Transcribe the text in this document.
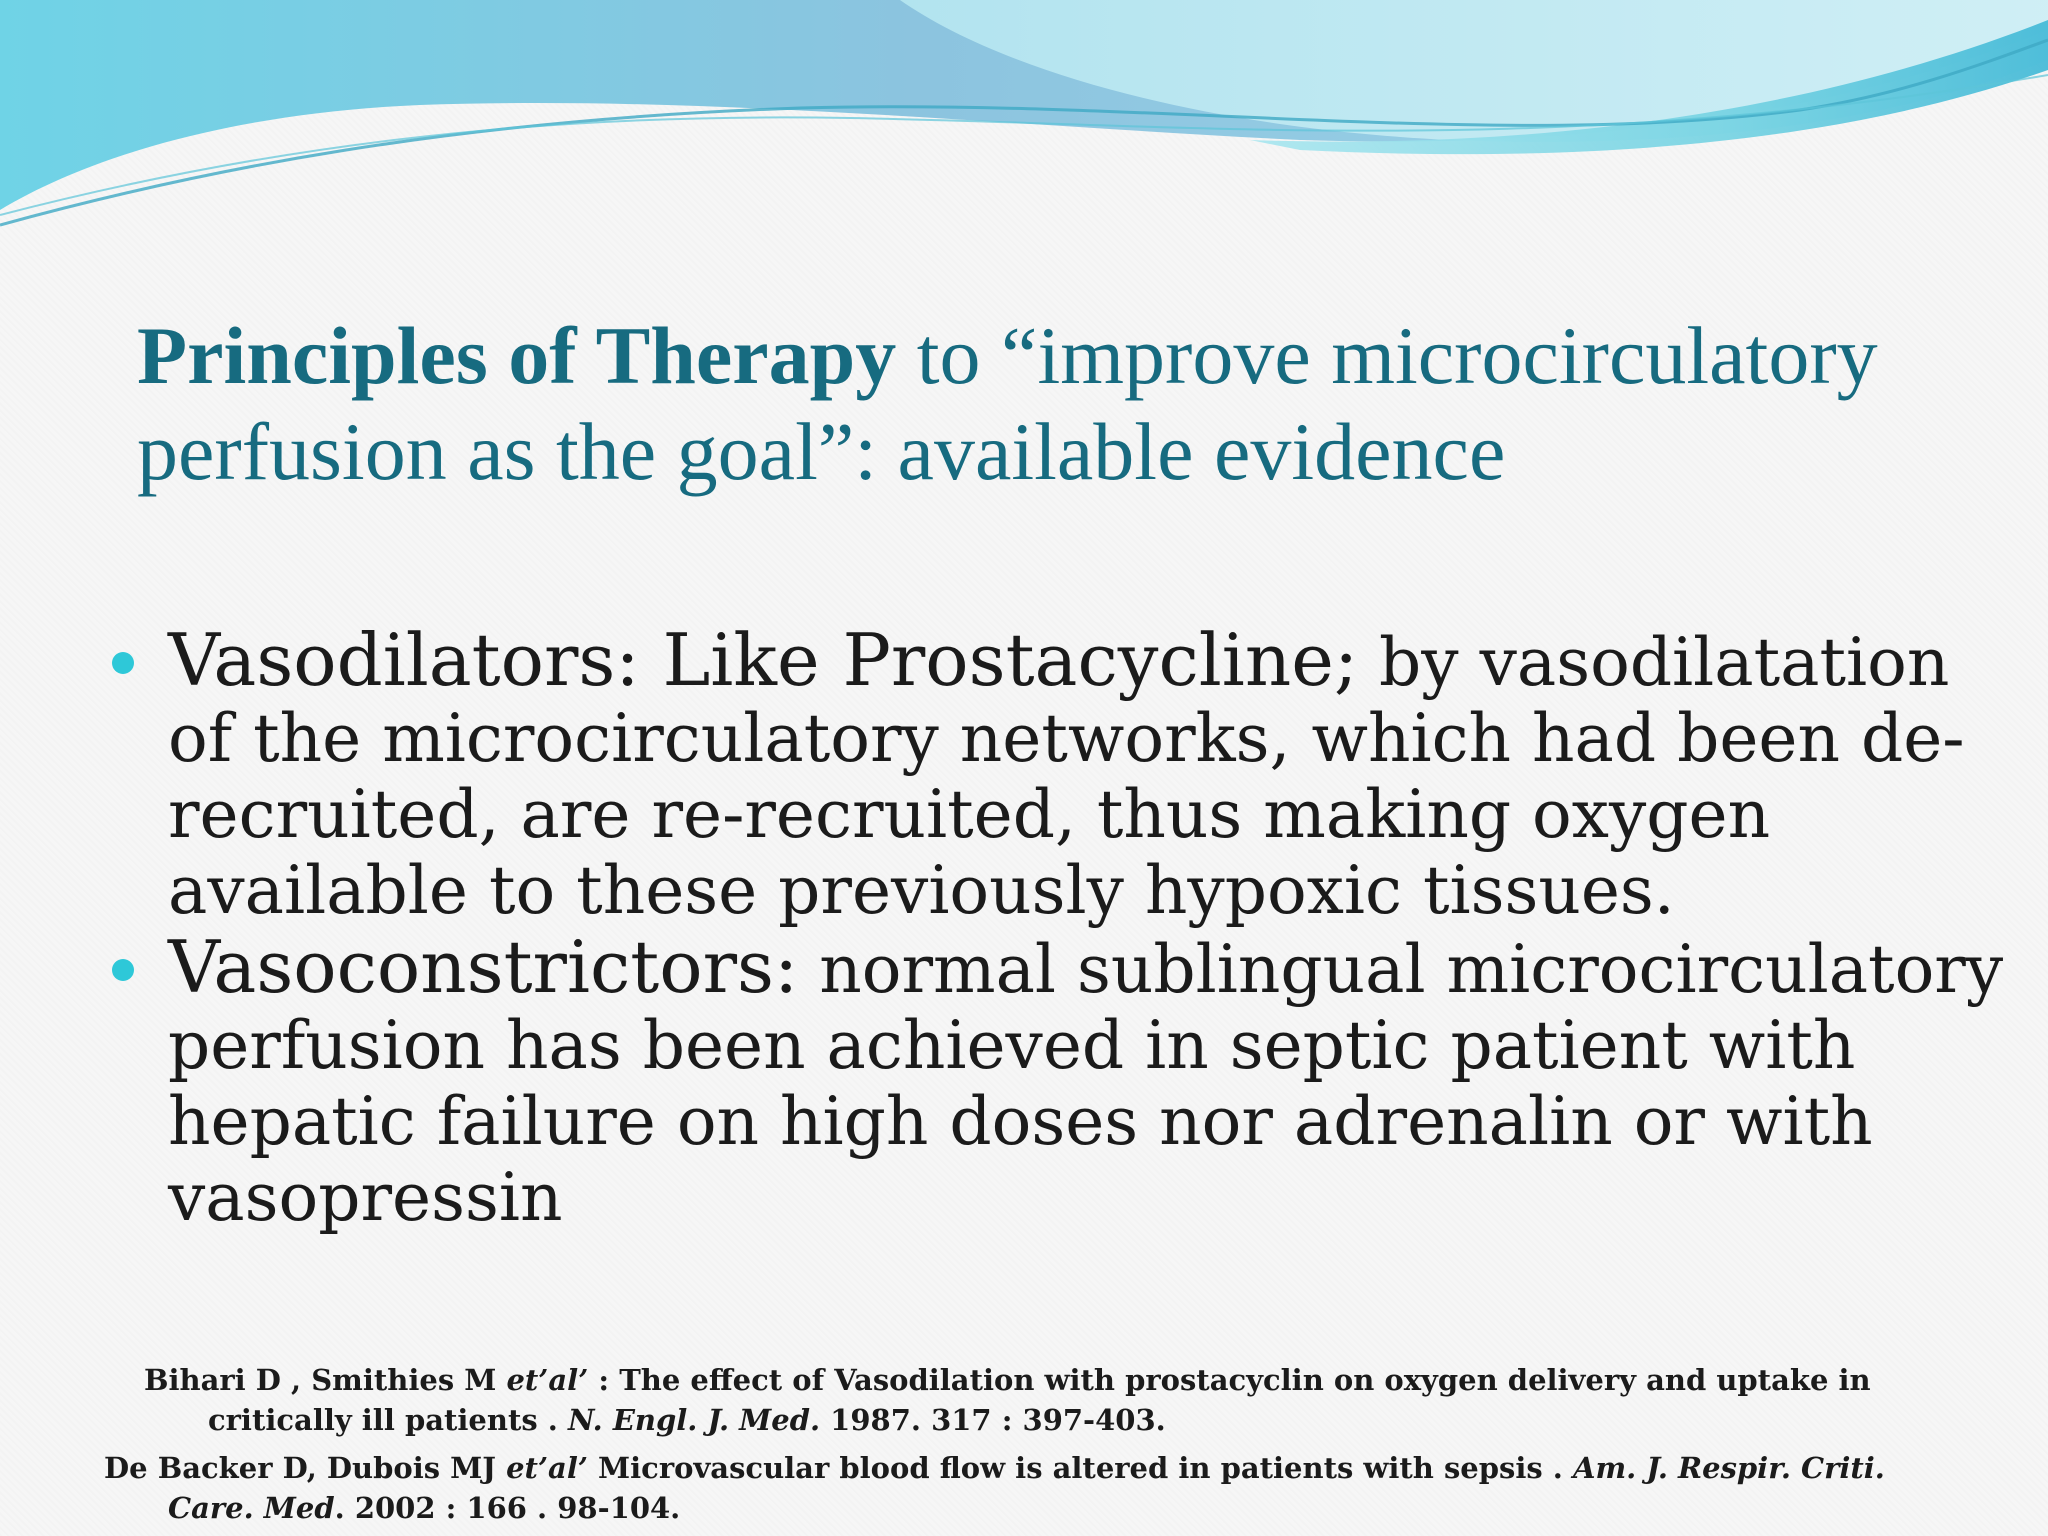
Principles of Therapy to “improve microcirculatory perfusion as the goal”: available evidence
Vasodilators: Like Prostacycline; by vasodilatation of the microcirculatory networks, which had been de-recruited, are re-recruited, thus making oxygen available to these previously hypoxic tissues.
Vasoconstrictors: normal sublingual microcirculatory perfusion has been achieved in septic patient with hepatic failure on high doses nor adrenalin or with vasopressin

Bihari D , Smithies M et’al’ : The effect of Vasodilation with prostacyclin on oxygen delivery and uptake in
critically ill patients . N. Engl. J. Med. 1987. 317 : 397-403.

De Backer D, Dubois MJ et’al’ Microvascular blood flow is altered in patients with sepsis . Am. J. Respir. Criti.
Care. Med. 2002 : 166 . 98-104.
